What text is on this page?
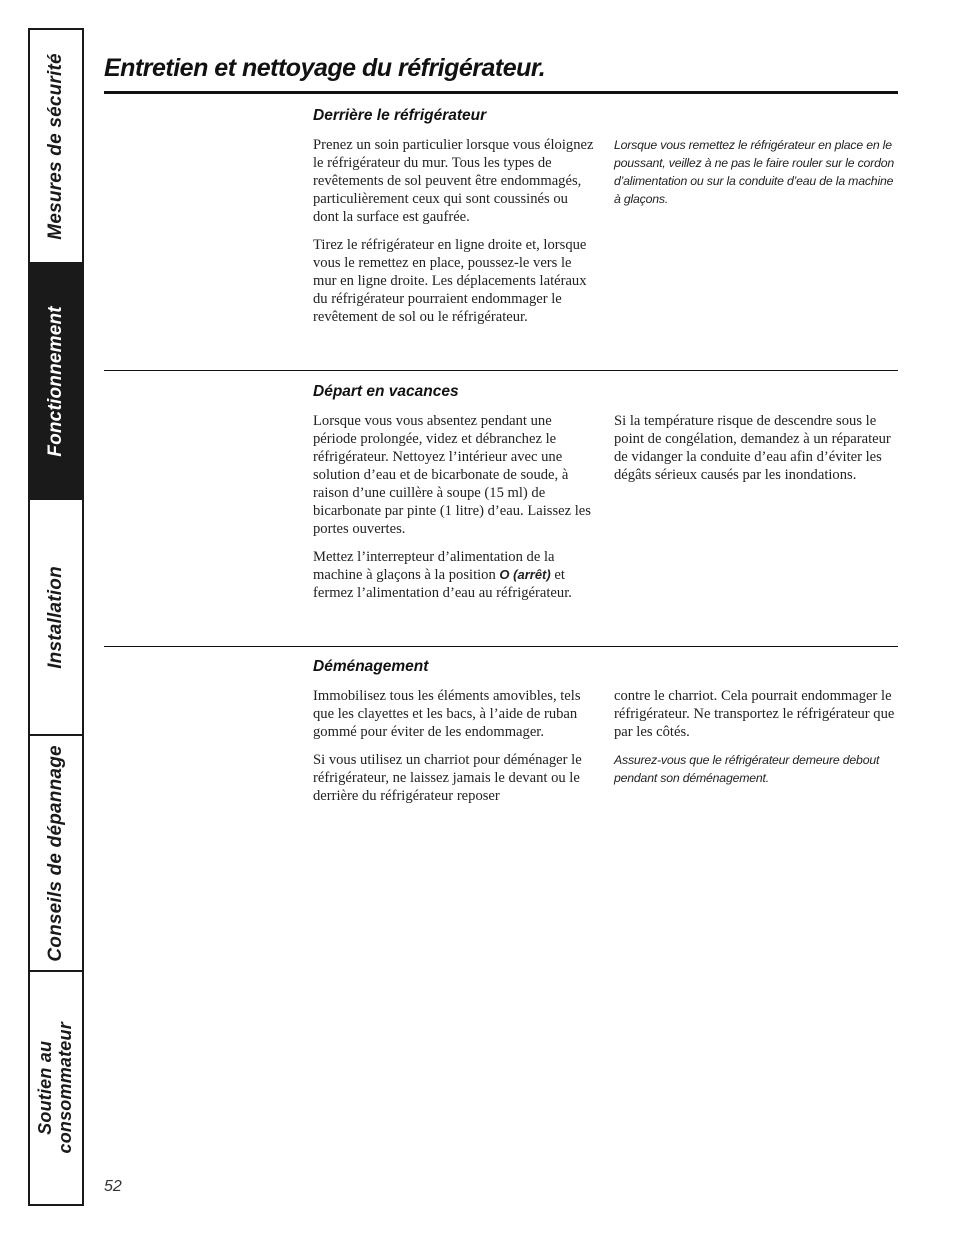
Mesures de sécurité
Fonctionnement
Installation
Conseils de dépannage
Soutien au
consommateur
Entretien et nettoyage du réfrigérateur.
Derrière le réfrigérateur

Prenez un soin particulier lorsque vous éloignez le réfrigérateur du mur. Tous les types de revêtements de sol peuvent être endommagés, particulièrement ceux qui sont coussinés ou dont la surface est gaufrée.

Tirez le réfrigérateur en ligne droite et, lorsque vous le remettez en place, poussez-le vers le mur en ligne droite. Les déplacements latéraux du réfrigérateur pourraient endommager le revêtement de sol ou le réfrigérateur.

Lorsque vous remettez le réfrigérateur en place en le poussant, veillez à ne pas le faire rouler sur le cordon d’alimentation ou sur la conduite d’eau de la machine à glaçons.

Départ en vacances

Lorsque vous vous absentez pendant une période prolongée, videz et débranchez le réfrigérateur. Nettoyez l’intérieur avec une solution d’eau et de bicarbonate de soude, à raison d’une cuillère à soupe (15 ml) de bicarbonate par pinte (1 litre) d’eau. Laissez les portes ouvertes.

Mettez l’interrepteur d’alimentation de la machine à glaçons à la position O (arrêt) et fermez l’alimentation d’eau au réfrigérateur.

Si la température risque de descendre sous le point de congélation, demandez à un réparateur de vidanger la conduite d’eau afin d’éviter les dégâts sérieux causés par les inondations.

Déménagement

Immobilisez tous les éléments amovibles, tels que les clayettes et les bacs, à l’aide de ruban gommé pour éviter de les endommager.

Si vous utilisez un charriot pour déménager le réfrigérateur, ne laissez jamais le devant ou le derrière du réfrigérateur reposer

contre le charriot. Cela pourrait endommager le réfrigérateur. Ne transportez le réfrigérateur que par les côtés.

Assurez-vous que le réfrigérateur demeure debout pendant son déménagement.

52
